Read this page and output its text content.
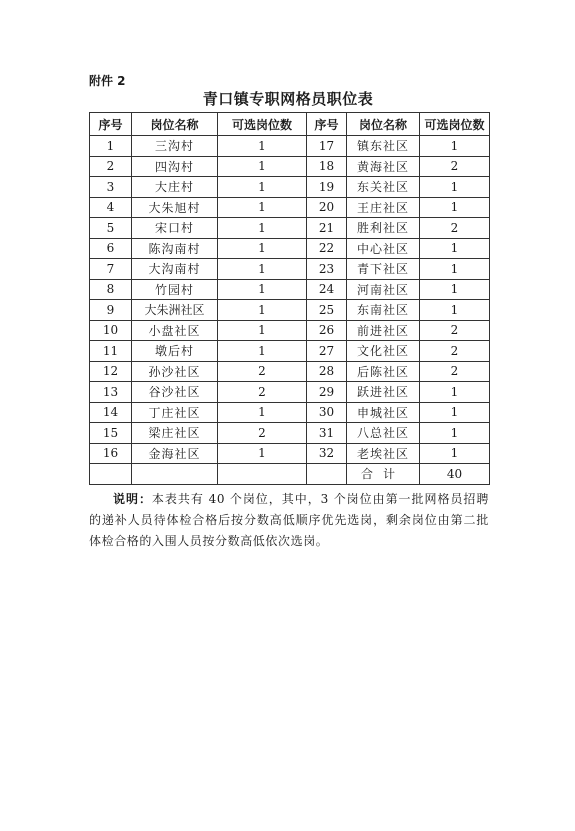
附件 2
青口镇专职网格员职位表
序号	岗位名称	可选岗位数	序号	岗位名称	可选岗位数
1	三沟村	1	17	镇东社区	1
2	四沟村	1	18	黄海社区	2
3	大庄村	1	19	东关社区	1
4	大朱旭村	1	20	王庄社区	1
5	宋口村	1	21	胜利社区	2
6	陈沟南村	1	22	中心社区	1
7	大沟南村	1	23	青下社区	1
8	竹园村	1	24	河南社区	1
9	大朱洲社区	1	25	东南社区	1
10	小盘社区	1	26	前进社区	2
11	墩后村	1	27	文化社区	2
12	孙沙社区	2	28	后陈社区	2
13	谷沙社区	2	29	跃进社区	1
14	丁庄社区	1	30	申城社区	1
15	梁庄社区	2	31	八总社区	1
16	金海社区	1	32	老埃社区	1
				合计	40
说明：本表共有 40 个岗位，其中，3 个岗位由第一批网格员招聘的递补人员待体检合格后按分数高低顺序优先选岗，剩余岗位由第二批体检合格的入围人员按分数高低依次选岗。
